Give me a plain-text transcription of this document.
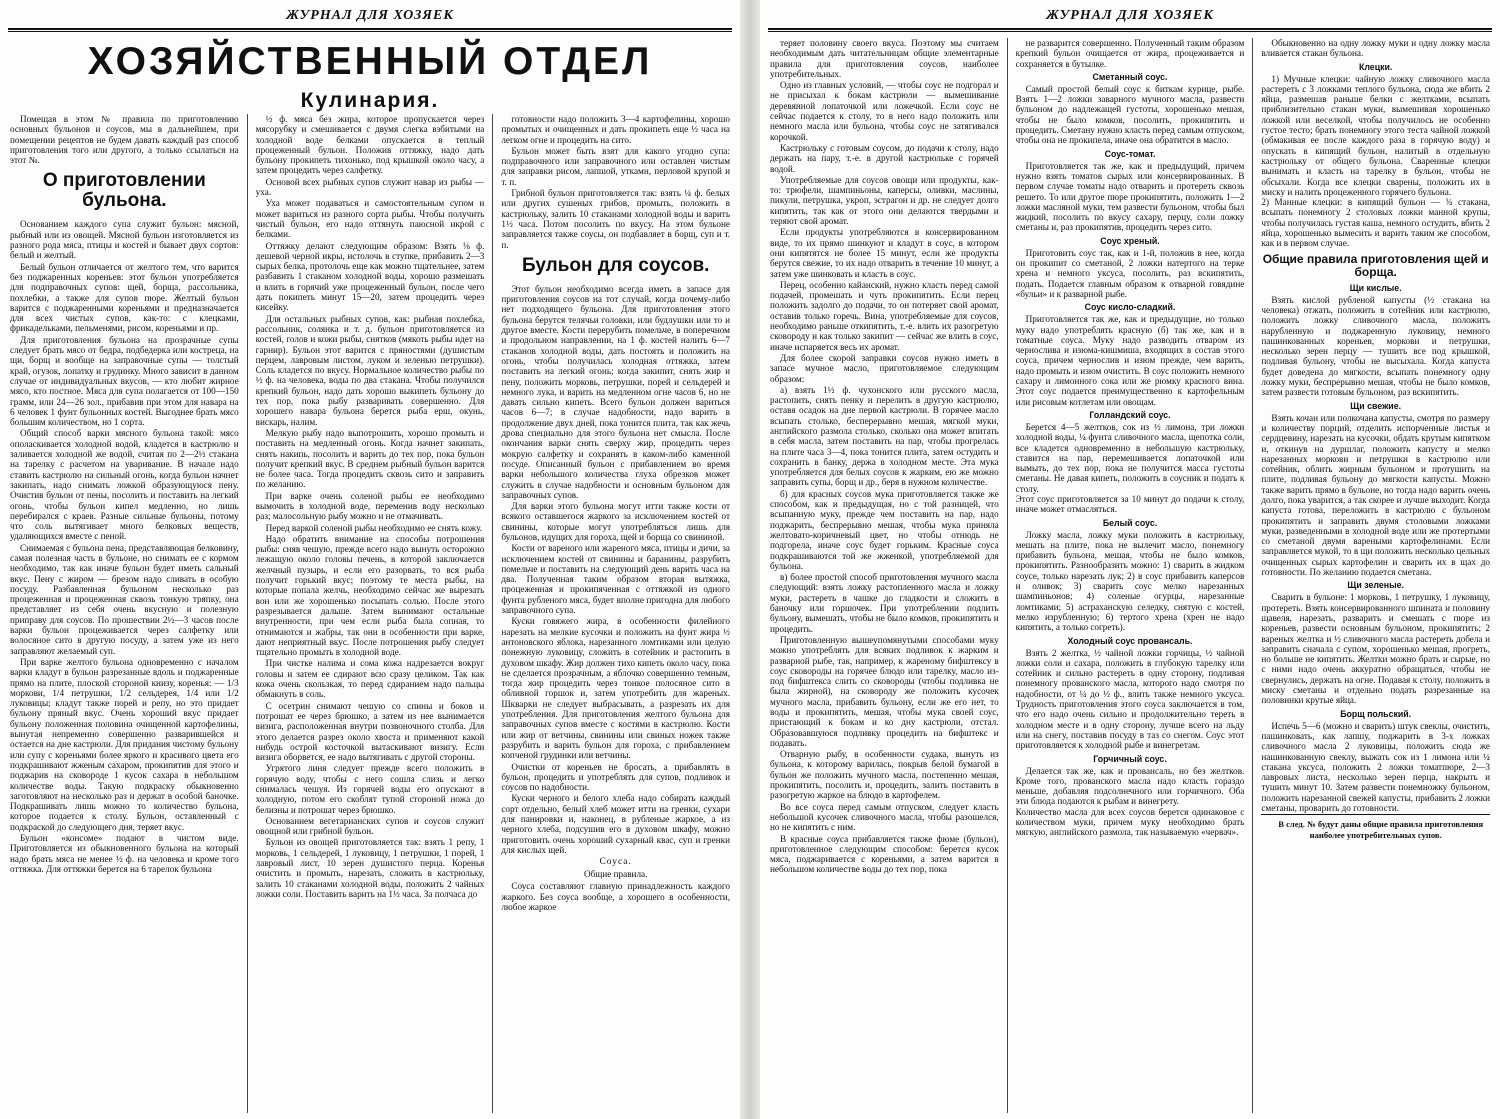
ЖУРНАЛ ДЛЯ ХОЗЯЕК
ХОЗЯЙСТВЕННЫЙ ОТДЕЛ
Кулинария.

Помещая в этом № правила по приготовлению основных бульонов и соусов, мы в дальнейшем, при помещении рецептов не будем давать каждый раз способ приготовления того или другого, а только ссылаться на этот №.

О приготовлении бульона.

Основанием каждого супа служит бульон: мясной, рыбный или из овощей. Мясной бульон изготовляется из разного рода мяса, птицы и костей и бывает двух сортов: белый и желтый.

Белый бульон отличается от желтого тем, что варится без поджаренных кореньев: этот бульон употребляется для подправочных супов: щей, борща, рассольника, похлебки, а также для супов пюре. Желтый бульон варится с поджаренными кореньями и предназначается для всех чистых супов, как-то: с клецками, фрикадельками, пельменями, рисом, кореньями и пр.

Для приготовления бульона на прозрачные супы следует брать мясо от бедра, подбедерка или костреца, на щи, борщ и вообще на заправочные супы — толстый край, огузок, лопатку и грудинку. Много зависит в данном случае от индивидуальных вкусов, — кто любит жирное мясо, кто постное. Мяса для супа полагается от 100—150 грамм, или 24—26 зол., прибавив при этом для навара на 6 человек 1 фунт бульонных костей. Выгоднее брать мясо большим количеством, но 1 сорта.

Общий способ варки мясного бульона такой: мясо ополаскивается холодной водой, кладется в кастрюлю и заливается холодной же водой, считая по 2—2½ стакана на тарелку с расчетом на уваривание. В начале надо ставить кастрюлю на сильный огонь, когда бульон начнет закипать, надо снимать ложкой образующуюся пену. Очистив бульон от пены, посолить и поставить на легкий огонь, чтобы бульон кипел медленно, но лишь перебирался с краев. Разные сильные бульоны, потому что соль вытягивает много белковых веществ, удаляющихся вместе с пеной.

Снимаемая с бульона пена, представляющая белковину, самая полезная часть в бульоне, но снимать ее с кормом необходимо, так как иначе бульон будет иметь сальный вкус. Пену с жиром — брезом надо сливать в особую посуду. Разбавленная бульоном несколько раз процеженная и процеженная сквозь тонкую тряпку, она представляет из себя очень вкусную и полезную приправу для соусов. По прошествии 2½—3 часов после варки бульон процеживается через салфетку или волосяное сито в другую посуду, а затем уже из него заправляют желаемый суп.

При варке желтого бульона одновременно с началом варки кладут в бульон разрезанные вдоль и поджаренные прямо на плите, плоской стороной книзу, коренья: — 1/3 моркови, 1/4 петрушки, 1/2 сельдерея, 1/4 или 1/2 луковицы; кладут также порей и репу, но это придает бульону пряный вкус. Очень хороший вкус придает бульону положенная половина очищенной картофелины, вынутая непременно совершенно разварившейся и остается на дне кастрюли. Для придания чистому бульону или супу с кореньями более яркого и красивого цвета его подкрашивают жженым сахаром, прокипятив для этого и поджарив на сковороде 1 кусок сахара в небольшом количестве воды. Такую подкраску обыкновенно заготовляют на несколько раз и держат в особой баночке. Подкрашивать лишь можно то количество бульона, которое подается к столу. Бульон, оставленный с подкраской до следующего дня, теряет вкус.

Бульон «консоме» подают в чистом виде. Приготовляется из обыкновенного бульона на который надо брать мяса не менее ½ ф. на человека и кроме того оттяжка. Для оттяжки берется на 6 тарелок бульона

½ ф. мяса без жира, которое пропускается через мясорубку и смешивается с двумя слегка взбитыми на холодной воде белками опускается в теплый процеженный бульон. Положив оттяжку, надо дать бульону прокипеть тихонько, под крышкой около часу, а затем процедить через салфетку.

Основой всех рыбных супов служит навар из рыбы — уха.

Уха может подаваться и самостоятельным супом и может вариться из разного сорта рыбы. Чтобы получить чистый бульон, его надо оттянуть паюсной икрой с белками.

Оттяжку делают следующим образом: Взять ⅛ ф. дешевой черной икры, истолочь в ступке, прибавить 2—3 сырых белка, протолочь еще как можно тщательнее, затем разбавить 1 стаканом холодной воды, хорошо размешать и влить в горячий уже процеженный бульон, после чего дать покипеть минут 15—20, затем процедить через кисейку.

Для остальных рыбных супов, как: рыбная похлебка, рассольник, солянка и т. д. бульон приготовляется из костей, голов и кожи рыбы, снятков (мякоть рыбы идет на гарнир). Бульон этот варится с пряностями (душистым перцем, лавровым листом, луком и зеленью петрушки). Соль кладется по вкусу. Нормальное количество рыбы по ½ ф. на человека, воды по два стакана. Чтобы получился крепкий бульон, надо дать хорошо выкипеть бульону до тех пор, пока рыбу разваривать совершенно. Для хорошего навара бульона берется рыба ерш, окунь, вискарь, налим.

Мелкую рыбу надо выпотрошить, хорошо промыть и поставить на медленный огонь. Когда начнет закипать, снять накипь, посолить и варить до тех пор, пока бульон получит крепкий вкус. В среднем рыбный бульон варится не более часа. Тогда процедить сквозь сито и заправить по желанию.

При варке очень соленой рыбы ее необходимо вымочить в холодной воде, переменив воду несколько раз; малосольную рыбу можно и не отмачивать.

Перед варкой соленой рыбы необходимо ее снять кожу.

Надо обратить внимание на способы потрошения рыбы: сняв чешую, прежде всего надо вынуть осторожно лежащую около головы печень, в которой заключается желчный пузырь, и если его разорвать, то вся рыба получит горький вкус; поэтому те места рыбы, на которые попала желчь, необходимо сейчас же вырезать вон или же хорошенько посыпать солью. После этого разрезывается дальше. Затем вынимают остальные внутренности, при чем если рыба была сопная, то отнимаются и жабры, так они в особенности при варке, дают неприятный вкус. После потрошения рыбу следует тщательно промыть в холодной воде.

При чистке налима и сома кожа надрезается вокруг головы и затем ее сдирают всю сразу целиком. Так как кожа очень скользкая, то перед сдиранием надо пальцы обмакнуть в соль.

С осетрин снимают чешую со спины и боков и потрошат ее через брюшко, а затем из нее вынимается визига, расположенная внутри позвоночного столба. Для этого делается разрез около хвоста и применяют какой нибудь острой косточкой вытаскивают визигу. Если визига оборвется, ее надо вытягивать с другой стороны.

Угрятого линя следует прежде всего положить в горячую воду, чтобы с него сошла слизь и легко снималась чешуя. Из горячей воды его опускают в холодную, потом его скоблят тупой стороной ножа до белизны и потрошат через брюшко.

Основанием вегетарианских супов и соусов служит овощной или грибной бульон.

Бульон из овощей приготовляется так: взять 1 репу, 1 морковь, 1 сельдерей, 1 луковицу, 1 петрушки, 1 порей, 1 лавровый лист, 10 зерен душистого перца. Коренья очистить и промыть, нарезать, сложить в кастрюльку, залить 10 стаканами холодной воды, положить 2 чайных ложки соли. Поставить варить на 1½ часа. За полчаса до

готовности надо положить 3—4 картофелины, хорошо промытых и очищенных и дать прокипеть еще ½ часа на легком огне и процедить на сито.

Бульон может быть взят для какого угодно супа: подправочного или заправочного или оставлен чистым для заправки рисом, лапшой, уткамн, перловой крупой и т. п.

Грибной бульон приготовляется так: взять ¼ ф. белых или других сушеных грибов, промыть, положить в кастрюльку, залить 10 стаканами холодной воды и варить 1½ часа. Потом посолить по вкусу. На этом бульоне заправляется также соусы, он подбавляет в борщ, суп и т. п.

Бульон для соусов.

Этот бульон необходимо всегда иметь в запасе для приготовления соусов на тот случай, когда почему-либо нет подходящего бульона. Для приготовления этого бульона берутся телячьи головки, или будлушки или то и другое вместе. Кости перерубить помельче, в поперечном и продольном направлении, на 1 ф. костей налить 6—7 стаканов холодной воды, дать постоять и положить на огонь, чтобы получилась холодная оттяжка, затем поставить на легкий огонь; когда закипит, снять жир и пену, положить морковь, петрушки, порей и сельдерей и немного лука, и варить на медленном огне часов 6, но не давать сильно кипеть. Всего бульон должен вариться часов 6—7; в случае надобности, надо варить в продолжение двух дней, пока тонится плита, так как жечь дрова специально для этого бульона нет смысла. После окончания варки снять сверху жир, процедить через мокрую салфетку и сохранять в каком-либо каменной посуде. Описанный бульон с прибавлением во время варки небольшого количества глуха обрезков может служить в случае надобности и основным бульоном для заправочных супов.

Для варки этого бульона могут итти также кости от всякого оставшегося жаркого за исключением костей от свинины, которые могут употребляться лишь для бульонов, идущих для гороха, щей и борща со свининой.

Кости от вареного или жареного мяса, птицы и дичи, за исключением костей от свинины и баранины, разрубить помельче и поставить на следующий день варить часа на два. Полученная таким образом вторая вытяжка, процеженная и прокипяченная с оттяжкой из одного фунта рубленого мяса, будет вполне пригодна для любого заправочного супа.

Куски говяжего жира, в особенности филейного нарезать на мелкие кусочки и положить на фунт жира ½ антоновского яблока, нарезанного ломтиками или целую понежную луковицу, сложить в сотейник и растопить в духовом шкафу. Жир должен тихо кипеть около часу, пока не сделается прозрачным, а яблочко совершенно темным, тогда жир процедить через тонкое полосяное сито в обливной горшок и, затем употребить для жареных. Шкварки не следует выбрасывать, а разрезать их для употребления. Для приготовления желтого бульона для заправочных супов вместе с костями в кастрюлю. Кости или жир от ветчины, свинины или свиных ножек также разрубить и варить бульон для гороха, с прибавлением копченой грудинки или ветчины.

Очистки от кореньев не бросать, а прибавлять в бульон, процедить и употреблять для супов, подливок и соусов по надобности.

Куски черного и белого хлеба надо собирать каждый сорт отдельно, белый хлеб может итти на гренки, сухари для панировки и, наконец, в рубленые жаркое, а из черного хлеба, подсушив его в духовом шкафу, можно приготовить очень хороший сухарный квас, суп и гренки для кислых щей.

Соуса.

Общие правила.

Соуса составляют главную принадлежность каждого жаркого. Без соуса вообще, а хорошего в особенности, любое жаркое

ЖУРНАЛ ДЛЯ ХОЗЯЕК

теряет половину своего вкуса. Поэтому мы считаем необходимым дать читательницам общие элементарные правила для приготовления соусов, наиболее употребительных.

Одно из главных условий, — чтобы соус не подгорал и не присыхал к бокам кастрюли — вымешивание деревянной лопаточкой или ложечкой. Если соус не сейчас подается к столу, то в него надо положить или немного масла или бульона, чтобы соус не затягивался корочкой.

Кастрюльку с готовым соусом, до подачи к столу, надо держать на пару, т.-е. в другой кастрюльке с горячей водой.

Употребляемые для соусов овощи или продукты, как-то: трюфели, шампиньоны, каперсы, оливки, маслины, пикули, петрушка, укроп, эстрагон и др. не следует долго кипятить, так как от этого они делаются твердыми и теряют свой аромат.

Если продукты употребляются в консервированном виде, то их прямо шинкуют и кладут в соус, в котором они кипятятся не более 15 минут, если же продукты берутся свежие, то их надо отварить в течение 10 минут, а затем уже шинковать и класть в соус.

Перец, особенно кайанский, нужно класть перед самой подачей, промешать и чуть прокипятить. Если перец положить задолго до подачи, то он потеряет свой аромат, оставив только горечь. Вина, употребляемые для соусов, необходимо раньше откипятить, т.-е. влить их разогретую сковороду и как только закипит — сейчас же влить в соус, иначе испаряется весь их аромат.

Для более скорой заправки соусов нужно иметь в запасе мучное масло, приготовляемое следующим образом:

а) взять 1½ ф. чухонского или русского масла, растопить, снять пенку и перелить в другую кастрюлю, оставя осадок на дне первой кастрюли. В горячее масло всыпать столько, бесперерывно мешая, мягкой муки, английского размола столько, сколько она может впитать в себя масла, затем поставить на пар, чтобы прогрелась на плите часа 3—4, пока тонится плита, затем остудить и сохранить в банку, держа в холодном месте. Эта мука употребляется для белых соусов к жарким, ею же можно заправить супы, борщ и др., беря в нужном количестве.

б) для красных соусов мука приготовляется также же способом, как и предыдущая, но с той разницей, что всыпанную муку, прежде чем поставить на пар, надо поджарить, беспрерывно мешая, чтобы мука приняла желтовато-коричневый цвет, но чтобы отнюдь не подгорела, иначе соус будет горьким. Красные соуса подкрашиваются той же жженкой, употребляемой для бульона.

в) более простой способ приготовления мучного масла следующий: взять ложку растопленного масла и ложку муки, растереть в чашке до гладкости и сложить в баночку или горшочек. При употреблении подлить бульону, вымешать, чтобы не было комков, прокипятить и процедить.

Приготовленную вышеупомянутыми способами муку можно употреблять для всяких подливок к жарким и разварной рыбе, так, например, к жареному бифштексу в соус сковороды на горячее блюдо или тарелку, масло из-под бифштекса слить со сковороды (чтобы подливка не была жирной), на сковороду же положить кусочек мучного масла, прибавить бульону, если же его нет, то воды и прокипятить, мешая, чтобы мука своей соус, пристающий к бокам и ко дну кастрюли, отстал. Образовавшуюся подливку процедить на бифштекс и подавать.

Отварную рыбу, в особенности судака, вынуть из бульона, к которому варилась, покрыв белой бумагой в бульон же положить мучного масла, постепенно мешая, прокипятить, посолить и, процедить, залить поставить в разогретую жаркое на блюдо в картофелем.

Во все соуса перед самым отпуском, следует класть небольшой кусочек сливочного масла, чтобы разошелся, но не кипятить с ним.

В красные соуса прибавляется также фюме (бульон), приготовленное следующим способом: берется кусок мяса, поджаривается с кореньями, а затем варится в небольшом количестве воды до тех пор, пока

не разварится совершенно. Полученный таким образом крепкий бульон очищается от жира, процеживается и сохраняется в бутылке.

Сметанный соус.

Самый простой белый соус к биткам курице, рыбе. Взять 1—2 ложки заварного мучного масла, развести бульоном до надлежащей густоты, хорошенько мешая, чтобы не было комков, посолить, прокипятить и процедить. Сметану нужно класть перед самым отпуском, чтобы она не прокипела, иначе она обратится в масло.

Соус-томат.

Приготовляется так же, как и предыдущий, причем нужно взять томатов сырых или консервированных. В первом случае томаты надо отварить и протереть сквозь решето. То или другое пюре прокипятить, положить 1—2 ложки масляной муки, тем развести бульоном, чтобы был жидкий, посолить по вкусу сахару, перцу, соли ложку сметаны и, раз прокипятив, процедить через сито.

Соус хреный.

Приготовить соус так, как и 1-й, положив в нее, когда он прокипит со сметаной, 2 ложки натертого на терке хрена и немного уксуса, посолить, раз вскипятить, подать. Подается главным образом к отварной говядине «бульи» и к разварной рыбе.

Соус кисло-сладкий.

Приготовляется так же, как и предыдущие, но только муку надо употреблять красную (б) так же, как и в томатные соуса. Муку надо разводить отваром из чернослива и изюма-кишмиша, входящих в состав этого соуса, причем чернослив и изюм прежде, чем варить, надо промыть и изюм очистить. В соус положить немного сахару и лимонного сока или же рюмку красного вина. Этот соус подается преимущественно к картофельным или рисовым котлетам или овощам.

Голландский соус.

Берется 4—5 желтков, сок из ½ лимона, три ложки холодной воды, ¼ фунта сливочного масла, щепотка соли, все кладется одновременно в небольшую кастрюльку, ставится на пар, перемешивается лопаточкой или вымыть, до тех пор, пока не получится масса густоты сметаны. Не давая кипеть, положить в соусник и подать к столу.
Этот соус приготовляется за 10 минут до подачи к столу, иначе может отмасляться.

Белый соус.

Ложку масла, ложку муки положить в кастрюльку, мешать на плите, пока не вылечит масло, понемногу прибавить бульона, мешая, чтобы не было комков, прокипятить. Разнообразить можно: 1) сварить в жидком соусе, только нарезать лук; 2) в соус прибавить каперсов и оливок; 3) сварить соус мелко нарезанных шампиньонов; 4) соленые огурцы, нарезанные ломтиками; 5) астраханскую селедку, снятую с костей, мелко изрубленную; 6) тертого хрена (хрен не надо кипятить, а только согреть).

Холодный соус провансаль.

Взять 2 желтка, ½ чайной ложки горчицы, ½ чайной ложки соли и сахара, положить в глубокую тарелку или сотейник и сильно растереть в одну сторону, подливая понемногу прованского масла, которого надо смотря по надобности, от ¼ до ½ ф., влить также немного уксуса. Трудность приготовления этого соуса заключается в том, что его надо очень сильно и продолжительно тереть в холодном месте и в одну сторону, лучше всего на льду или на снегу, поставив посуду в таз со снегом. Соус этот приготовляется к холодной рыбе и винегретам.

Горчичный соус.

Делается так же, как и провансаль, но без желтков. Кроме того, прованского масла надо класть гораздо меньше, добавляя подсолнечного или горчичного. Оба эти блюда подаются к рыбам и винегрету.
Количество масла для всех соусов берется одинаковое с количеством муки, причем муку необходимо брать мягкую, английского размола, так называемую «червач».

Обыкновенно на одну ложку муки и одну ложку масла вливается стакан бульона.

Клецки.

1) Мучные клецки: чайную ложку сливочного масла растереть с 3 ложками теплого бульона, сюда же вбить 2 яйца, размешав раньше белки с желтками, всыпать приблизительно стакан муки, вымешивая хорошенько ложкой или веселкой, чтобы получилось не особенно густое тесто; брать понемногу этого теста чайной ложкой (обмакивая ее после каждого раза в горячую воду) и опускать в кипящий бульон, налитый в отдельную кастрюльку от общего бульона. Сваренные клецки вынимать и класть на тарелку в бульон, чтобы не обсыхали. Когда все клецки сварены, положить их в миску и налить процеженного горячего бульона.
2) Манные клецки: в кипящий бульон — ¾ стакана, всыпать понемногу 2 столовых ложки манной крупы, чтобы получилась густая каша, немного остудить, вбить 2 яйца, хорошенько вымесить и варить таким же способом, как и в первом случае.

Общие правила приготовления щей и борща.
Щи кислые.

Взять кислой рубленой капусты (½ стакана на человека) отжать, положить в сотейник или кастрюлю, положить ложку сливочного масла, положить нарубленную и поджаренную луковицу, немного пашинкованных кореньев, моркови и петрушки, несколько зерен перцу — тушить все под крышкой, подливая бульону, чтобы не высыхала. Когда капуста будет доведена до мягкости, всыпать понемногу одну ложку муки, беспрерывно мешая, чтобы не было комков, затем развести готовым бульоном, раз вскипятить.

Щи свежие.

Взять кочан или полкочана капусты, смотря по размеру и количеству порций, отделить испорченные листья и сердцевину, нарезать на кусочки, обдать крутым кипятком и, откинув на дуршлаг, положить капусту и мелко нарезанных моркови и петрушки в кастрюлю или сотейник, облить жирным бульоном и протушить на плите, подливая бульону до мягкости капусты. Можно также варить прямо в бульоне, но тогда надо варить очень долго, пока уварится, а так скорее и лучше выходит. Когда капуста готова, переложить в кастрюлю с бульоном прокипятить и заправить двумя столовыми ложками муки, разведенными в холодной воде или же протертыми со сметаной двумя вареными картофелинами. Если заправляется мукой, то в щи положить несколько цельных очищенных сырых картофелин и сварить их в щах до готовности. По желанию подается сметана.

Щи зеленые.

Сварить в бульоне: 1 морковь, 1 петрушку, 1 луковицу, протереть. Взять консервированного шпината и половину щавеля, нарезать, разварить и смешать с пюре из кореньев, развести основным бульоном, прокипятить; 2 вареных желтка и ½ сливочного масла растереть добела и заправить сначала с супом, хорошенько мешая, прогреть, но больше не кипятить. Желтки можно брать и сырые, но с ними надо очень аккуратно обращаться, чтобы не свернулись, держать на огне. Подавая к столу, положить в миску сметаны и отдельно подать разрезанные на половинки крутые яйца.

Борщ польский.

Испечь 5—6 (можно и сварить) штук свеклы, очистить, пашинковать, как лапшу, поджарить в 3-х ложках сливочного масла 2 луковицы, положить сюда же нашинкованную свеклу, выжать сок из 1 лимона или ¼ стакана уксуса, положить 2 ложки томатпюре, 2—3 лавровых листа, несколько зерен перца, накрыть и тушить минут 10. Затем развести понемножку бульоном, положить нарезанной свежей капусты, прибавить 2 ложки сметаны, проварить до готовности.

В след. № будут даны общие правила приготовления наиболее употребительных супов.
